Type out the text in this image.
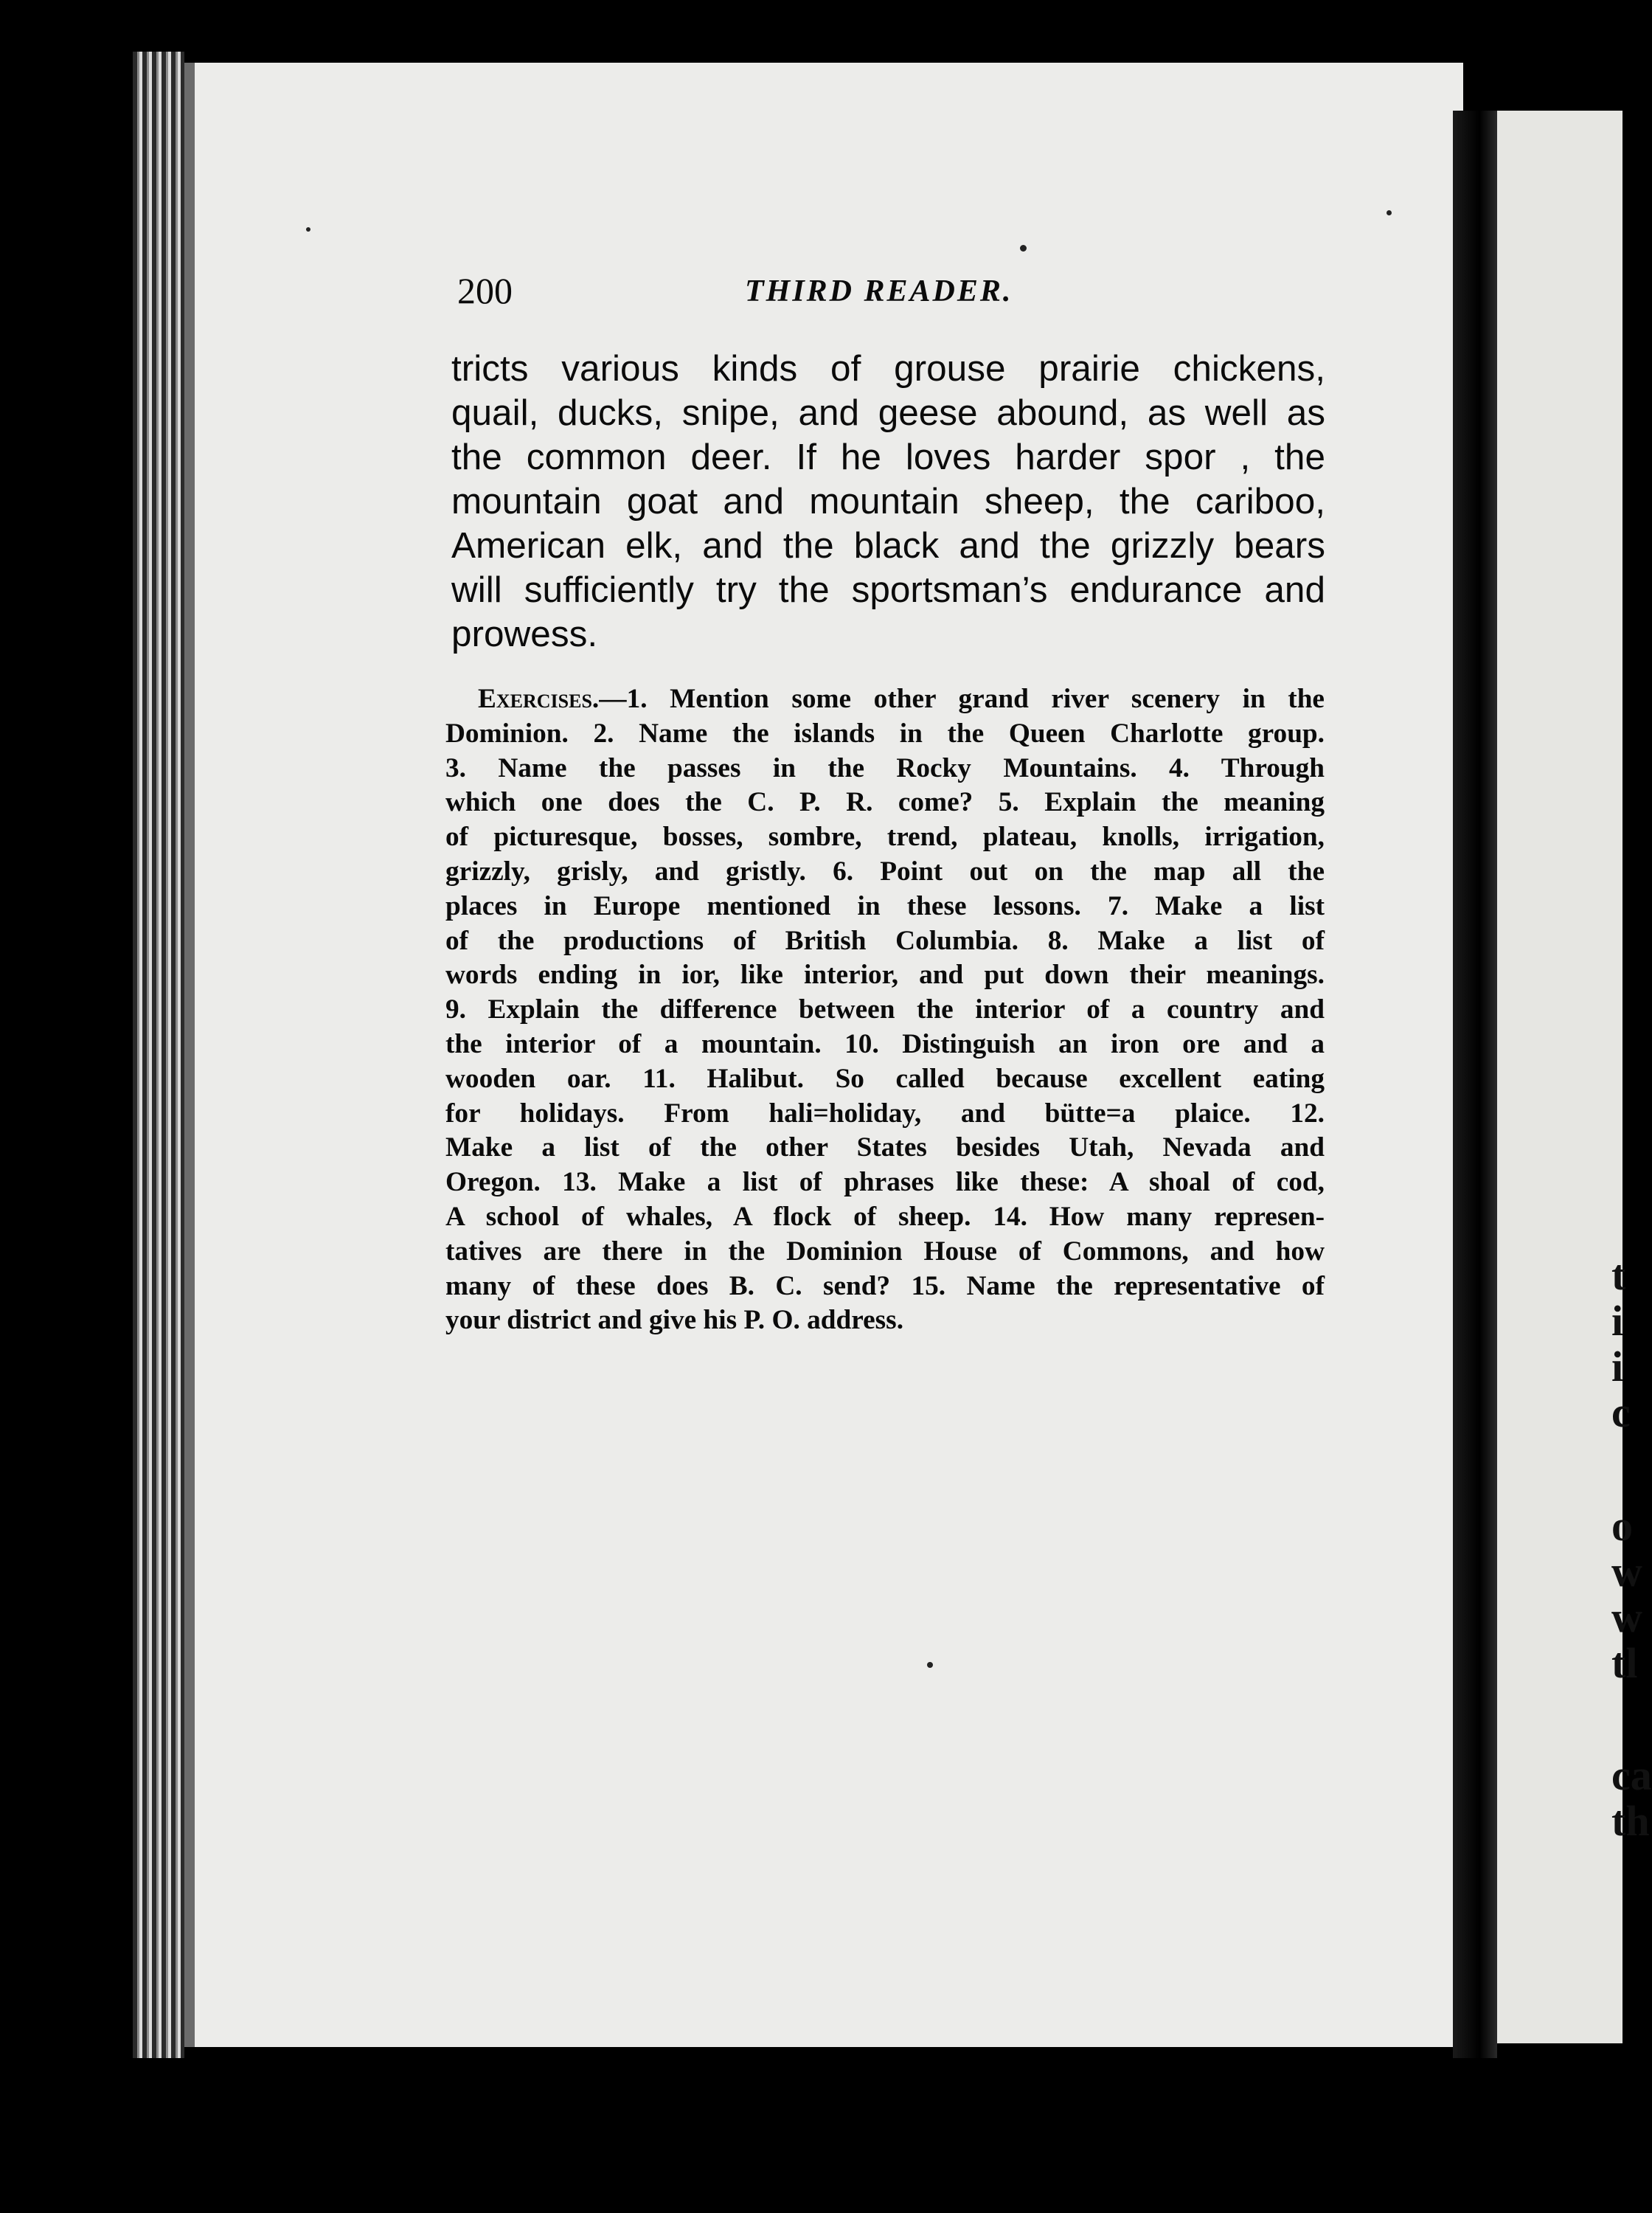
200	THIRD READER.
tricts various kinds of grouse prairie chickens,
quail, ducks, snipe, and geese abound, as well as
the common deer. If he loves harder spor , the
mountain goat and mountain sheep, the cariboo,
American elk, and the black and the grizzly bears
will sufficiently try the sportsman’s endurance and
prowess.
Exercises.—1. Mention some other grand river scenery in the
Dominion. 2. Name the islands in the Queen Charlotte group.
3. Name the passes in the Rocky Mountains. 4. Through
which one does the C. P. R. come? 5. Explain the meaning
of picturesque, bosses, sombre, trend, plateau, knolls, irrigation,
grizzly, grisly, and gristly. 6. Point out on the map all the
places in Europe mentioned in these lessons. 7. Make a list
of the productions of British Columbia. 8. Make a list of
words ending in ior, like interior, and put down their meanings.
9. Explain the difference between the interior of a country and
the interior of a mountain. 10. Distinguish an iron ore and a
wooden oar. 11. Halibut. So called because excellent eating
for holidays. From hali=holiday, and bütte=a plaice. 12.
Make a list of the other States besides Utah, Nevada and
Oregon. 13. Make a list of phrases like these: A shoal of cod,
A school of whales, A flock of sheep. 14. How many represen-
tatives are there in the Dominion House of Commons, and how
many of these does B. C. send? 15. Name the representative of
your district and give his P. O. address.
t
i
i
c
o
w
w
tl
ca
th
